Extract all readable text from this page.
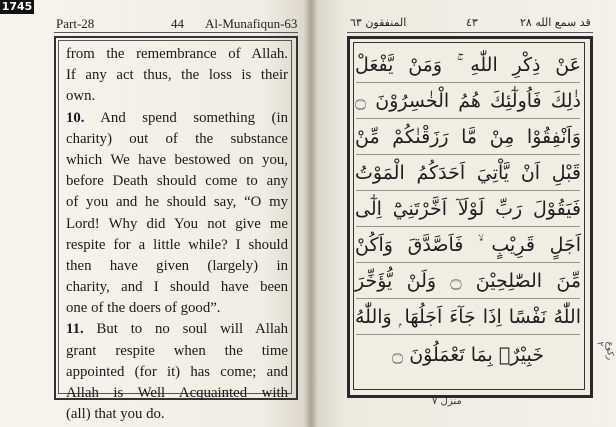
1745
Part-28	44 Al-Munafiqun-63
from the remembrance of Allah.
If any act thus, the loss is their
own.
10. And spend something (in
charity) out of the substance
which We have bestowed on you,
before Death should come to any
of you and he should say, “O my
Lord! Why did You not give me
respite for a little while? I should
then have given (largely) in
charity, and I should have been
one of the doers of good”.
11. But to no soul will Allah
grant respite when the time
appointed (for it) has come; and
Allah is Well Acquainted with
(all) that you do.
المنفقون ٦٣	٤٣	قد سمع الله ٢٨
عَنْ ذِكْرِ اللّٰهِ ۚ وَمَنْ يَّفْعَلْ
ذٰلِكَ فَاُولٰٓئِكَ هُمُ الْخٰسِرُوْنَ ۝
وَاَنْفِقُوْا مِنْ مَّا رَزَقْنٰكُمْ مِّنْ
قَبْلِ اَنْ يَّاْتِيَ اَحَدَكُمُ الْمَوْتُ
فَيَقُوْلَ رَبِّ لَوْلَآ اَخَّرْتَنِيْٓ اِلٰٓى
اَجَلٍ قَرِيْبٍ ۙ فَاَصَّدَّقَ وَاَكُنْ
مِّنَ الصّٰلِحِيْنَ ۝ وَلَنْ يُّؤَخِّرَ
اللّٰهُ نَفْسًا اِذَا جَآءَ اَجَلُهَا ۭ وَاللّٰهُ
خَبِيْرٌۢ بِمَا تَعْمَلُوْنَ ۝
منزل ٧
ركوع ٢
